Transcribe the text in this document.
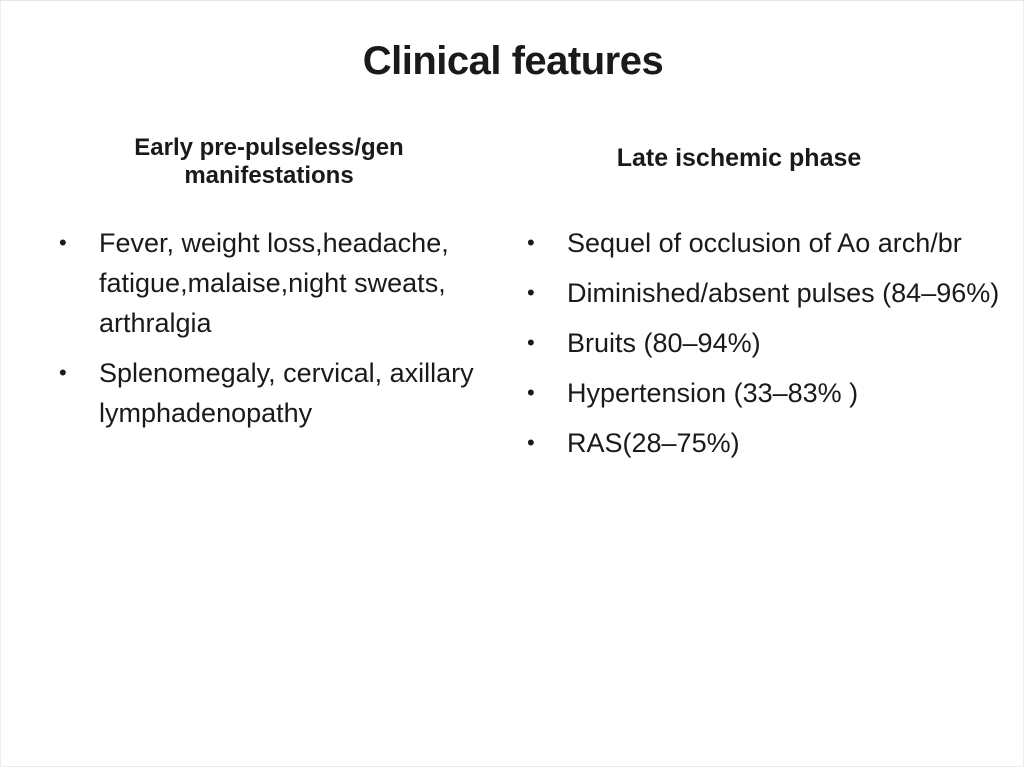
Clinical features
Early pre-pulseless/gen manifestations
Late ischemic phase
• Fever, weight loss,headache, fatigue,malaise,night sweats, arthralgia
• Splenomegaly, cervical, axillary lymphadenopathy
• Sequel of occlusion of Ao arch/br
• Diminished/absent pulses (84–96%)
• Bruits (80–94%)
• Hypertension (33–83% )
• RAS(28–75%)
